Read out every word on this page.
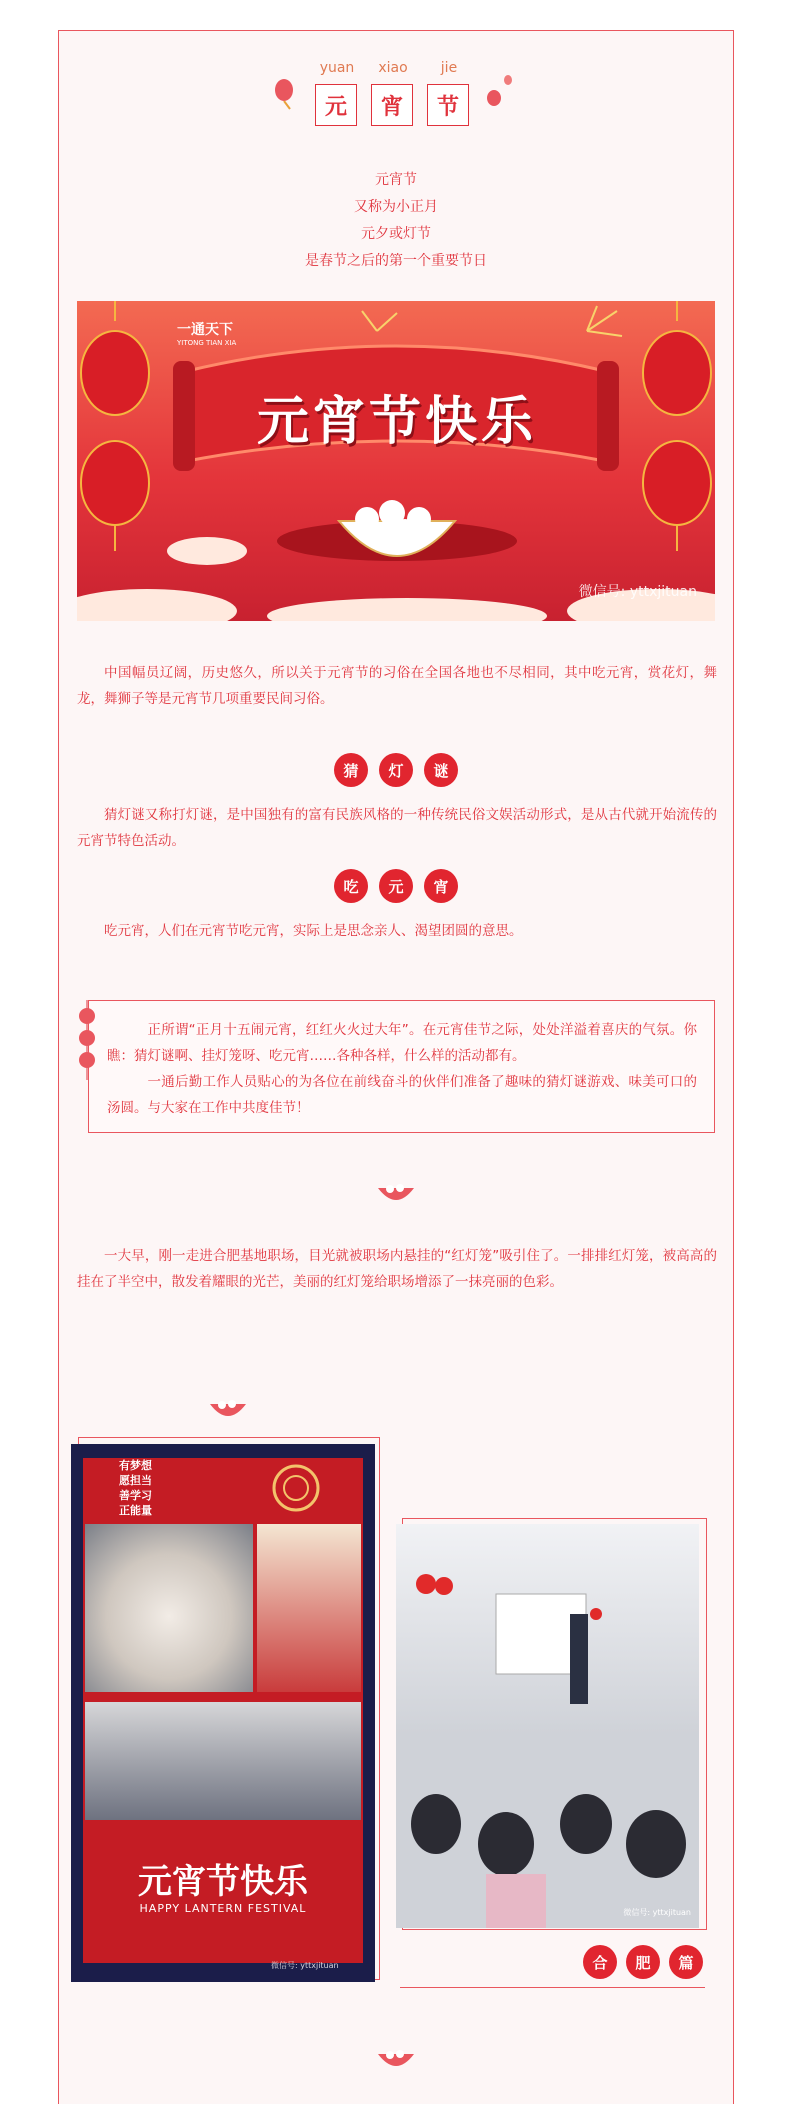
yuan	xiao	jie
元	宵	节
元宵节
又称为小正月
元夕或灯节
是春节之后的第一个重要节日
一通天下
YITONG TIAN XIA
元宵节快乐
微信号: yttxjituan
中国幅员辽阔，历史悠久，所以关于元宵节的习俗在全国各地也不尽相同，其中吃元宵，赏花灯，舞龙，舞狮子等是元宵节几项重要民间习俗。
猜	灯	谜
猜灯谜又称打灯谜，是中国独有的富有民族风格的一种传统民俗文娱活动形式，是从古代就开始流传的元宵节特色活动。
吃	元	宵
吃元宵，人们在元宵节吃元宵，实际上是思念亲人、渴望团圆的意思。
正所谓“正月十五闹元宵，红红火火过大年”。在元宵佳节之际，处处洋溢着喜庆的气氛。你瞧：猜灯谜啊、挂灯笼呀、吃元宵……各种各样，什么样的活动都有。
一通后勤工作人员贴心的为各位在前线奋斗的伙伴们准备了趣味的猜灯谜游戏、味美可口的汤圆。与大家在工作中共度佳节！
一大早，刚一走进合肥基地职场，目光就被职场内悬挂的“红灯笼”吸引住了。一排排红灯笼，被高高的挂在了半空中，散发着耀眼的光芒，美丽的红灯笼给职场增添了一抹亮丽的色彩。
有梦想
愿担当
善学习
正能量
元宵节快乐
HAPPY LANTERN FESTIVAL
微信号: yttxjituan
微信号: yttxjituan
合	肥	篇
